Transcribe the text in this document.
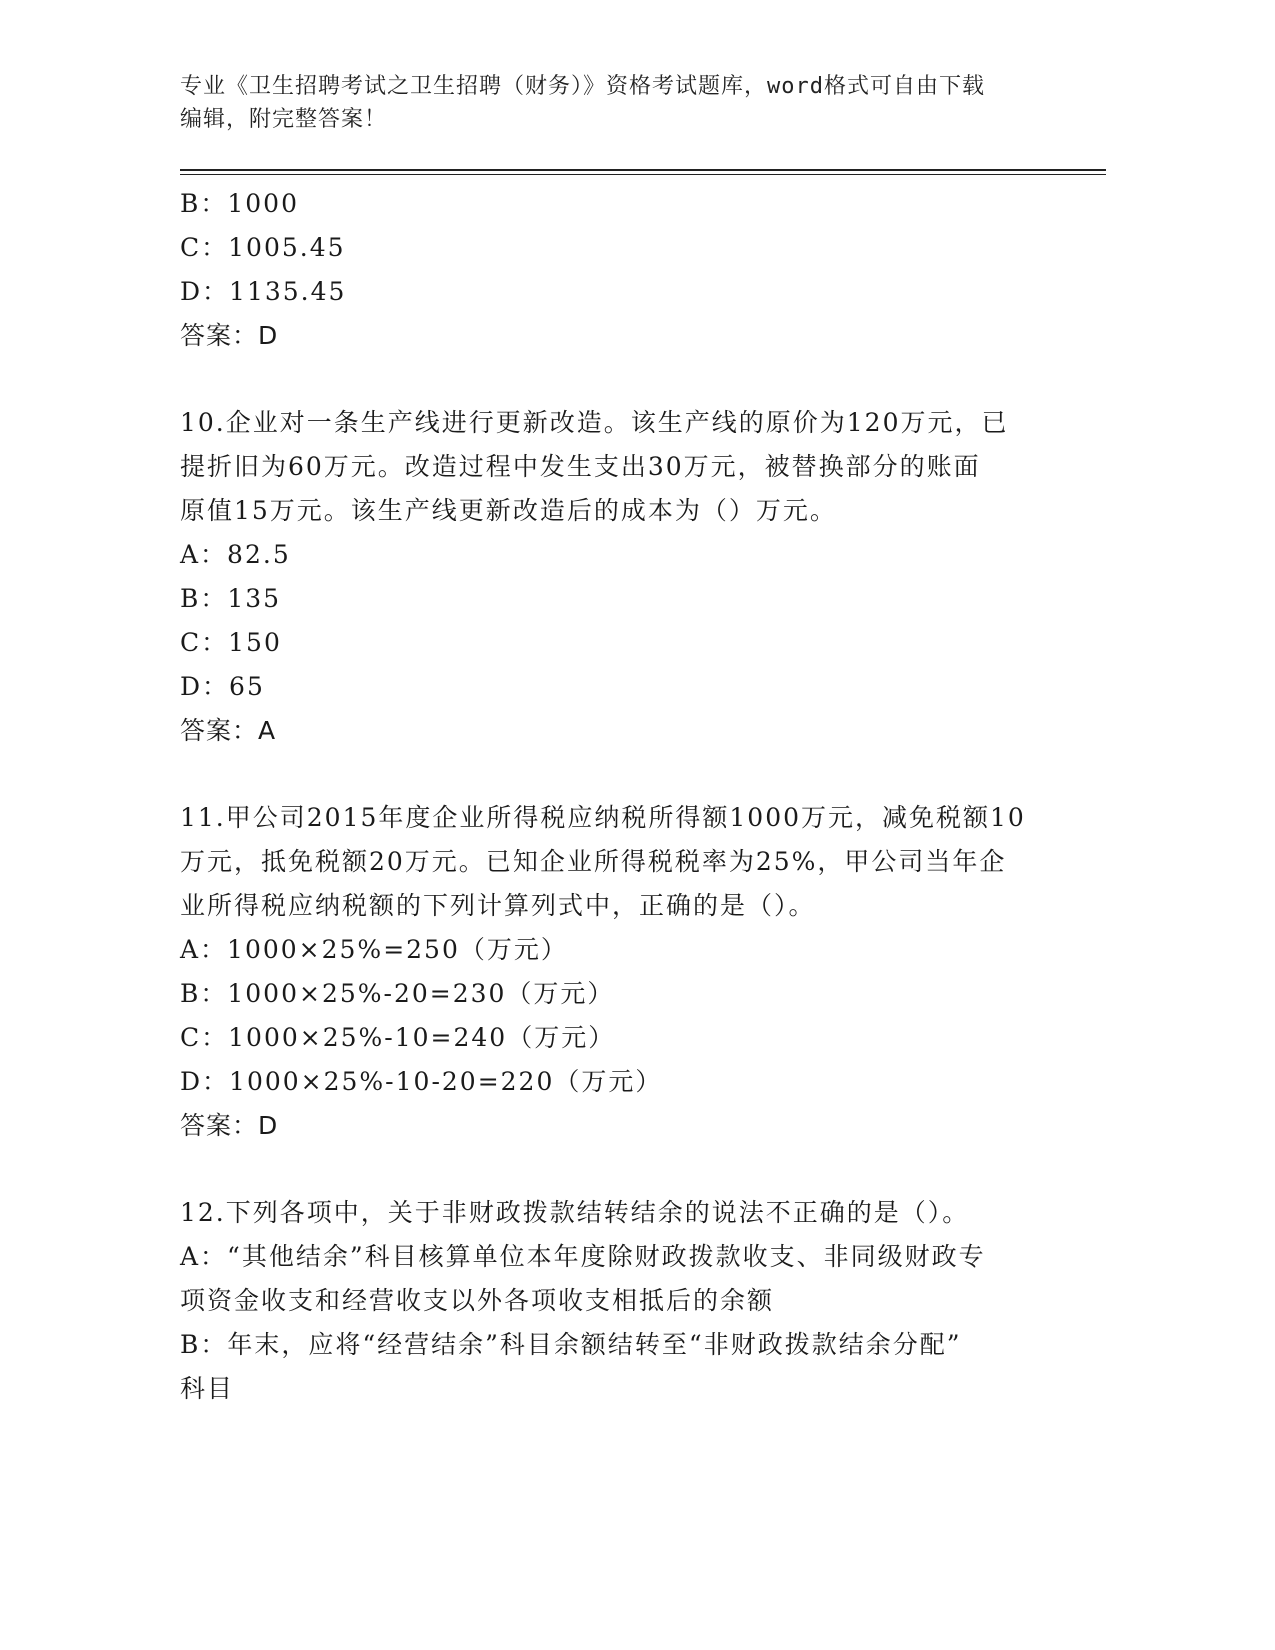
专业《卫生招聘考试之卫生招聘（财务）》资格考试题库，word格式可自由下载
编辑，附完整答案！
B：1000
C：1005.45
D：1135.45
答案：D
10.企业对一条生产线进行更新改造。该生产线的原价为120万元，已
提折旧为60万元。改造过程中发生支出30万元，被替换部分的账面
原值15万元。该生产线更新改造后的成本为（）万元。
A：82.5
B：135
C：150
D：65
答案：A
11.甲公司2015年度企业所得税应纳税所得额1000万元，减免税额10
万元，抵免税额20万元。已知企业所得税税率为25%，甲公司当年企
业所得税应纳税额的下列计算列式中，正确的是（）。
A：1000×25%=250（万元）
B：1000×25%-20=230（万元）
C：1000×25%-10=240（万元）
D：1000×25%-10-20=220（万元）
答案：D
12.下列各项中，关于非财政拨款结转结余的说法不正确的是（）。
A：“其他结余”科目核算单位本年度除财政拨款收支、非同级财政专
项资金收支和经营收支以外各项收支相抵后的余额
B：年末，应将“经营结余”科目余额结转至“非财政拨款结余分配”
科目
